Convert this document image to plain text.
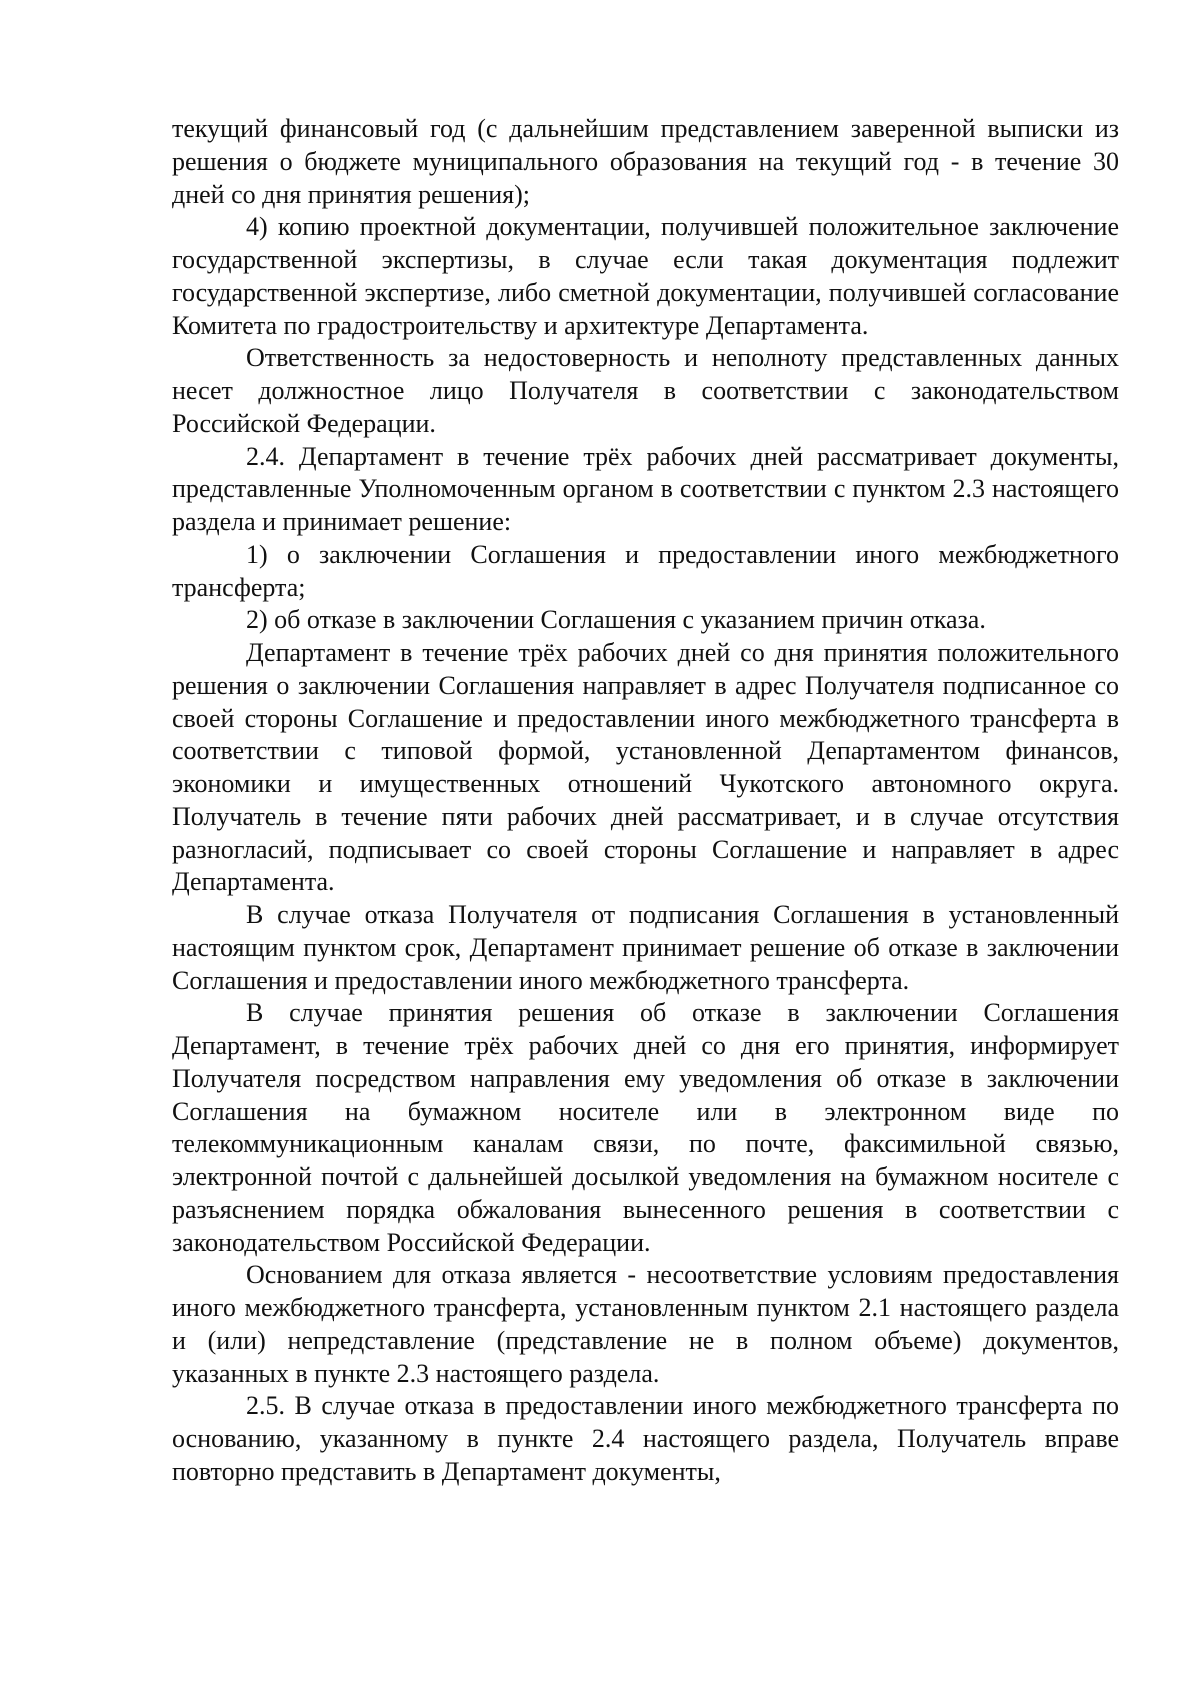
текущий финансовый год (с дальнейшим представлением заверенной выписки из решения о бюджете муниципального образования на текущий год - в течение 30 дней со дня принятия решения);

4) копию проектной документации, получившей положительное заключение государственной экспертизы, в случае если такая документация подлежит государственной экспертизе, либо сметной документации, получившей согласование Комитета по градостроительству и архитектуре Департамента.

Ответственность за недостоверность и неполноту представленных данных несет должностное лицо Получателя в соответствии с законодательством Российской Федерации.

2.4. Департамент в течение трёх рабочих дней рассматривает документы, представленные Уполномоченным органом в соответствии с пунктом 2.3 настоящего раздела и принимает решение:

1) о заключении Соглашения и предоставлении иного межбюджетного трансферта;

2) об отказе в заключении Соглашения с указанием причин отказа.

Департамент в течение трёх рабочих дней со дня принятия положительного решения о заключении Соглашения направляет в адрес Получателя подписанное со своей стороны Соглашение и предоставлении иного межбюджетного трансферта в соответствии с типовой формой, установленной Департаментом финансов, экономики и имущественных отношений Чукотского автономного округа. Получатель в течение пяти рабочих дней рассматривает, и в случае отсутствия разногласий, подписывает со своей стороны Соглашение и направляет в адрес Департамента.

В случае отказа Получателя от подписания Соглашения в установленный настоящим пунктом срок, Департамент принимает решение об отказе в заключении Соглашения и предоставлении иного межбюджетного трансферта.

В случае принятия решения об отказе в заключении Соглашения Департамент, в течение трёх рабочих дней со дня его принятия, информирует Получателя посредством направления ему уведомления об отказе в заключении Соглашения на бумажном носителе или в электронном виде по телекоммуникационным каналам связи, по почте, факсимильной связью, электронной почтой с дальнейшей досылкой уведомления на бумажном носителе с разъяснением порядка обжалования вынесенного решения в соответствии с законодательством Российской Федерации.

Основанием для отказа является - несоответствие условиям предоставления иного межбюджетного трансферта, установленным пунктом 2.1 настоящего раздела и (или) непредставление (представление не в полном объеме) документов, указанных в пункте 2.3 настоящего раздела.

2.5. В случае отказа в предоставлении иного межбюджетного трансферта по основанию, указанному в пункте 2.4 настоящего раздела, Получатель вправе повторно представить в Департамент документы,
